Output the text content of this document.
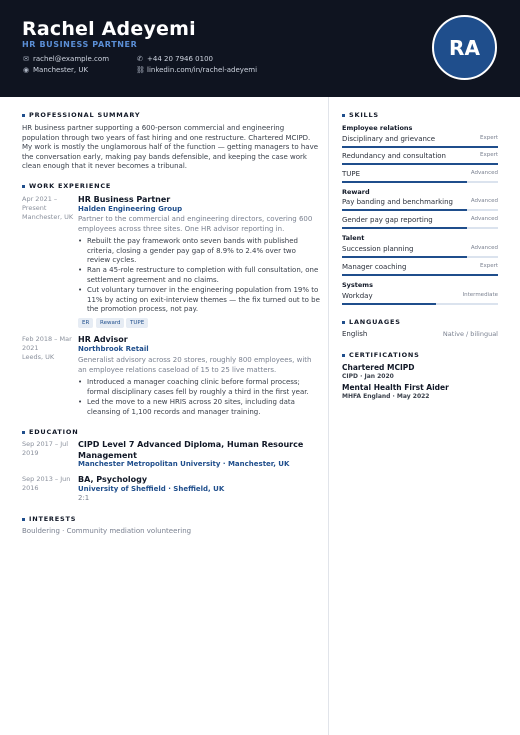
Rachel Adeyemi
HR BUSINESS PARTNER
✉ rachel@example.com	✆ +44 20 7946 0100
◉ Manchester, UK	⛓ linkedin.com/in/rachel-adeyemi
RA
PROFESSIONAL SUMMARY
HR business partner supporting a 600-person commercial and engineering
population through two years of fast hiring and one restructure. Chartered MCIPD.
My work is mostly the unglamorous half of the function — getting managers to have
the conversation early, making pay bands defensible, and keeping the case work
clean enough that it never becomes a tribunal.
WORK EXPERIENCE
Apr 2021 –
Present
Manchester, UK
HR Business Partner
Halden Engineering Group
Partner to the commercial and engineering directors, covering 600
employees across three sites. One HR advisor reporting in.
• Rebuilt the pay framework onto seven bands with published
criteria, closing a gender pay gap of 8.9% to 2.4% over two
review cycles.
• Ran a 45-role restructure to completion with full consultation, one
settlement agreement and no claims.
• Cut voluntary turnover in the engineering population from 19% to
11% by acting on exit-interview themes — the fix turned out to be
the promotion process, not pay.
ER	Reward	TUPE
Feb 2018 – Mar
2021
Leeds, UK
HR Advisor
Northbrook Retail
Generalist advisory across 20 stores, roughly 800 employees, with
an employee relations caseload of 15 to 25 live matters.
• Introduced a manager coaching clinic before formal process;
formal disciplinary cases fell by roughly a third in the first year.
• Led the move to a new HRIS across 20 sites, including data
cleansing of 1,100 records and manager training.
EDUCATION
Sep 2017 – Jul
2019
CIPD Level 7 Advanced Diploma, Human Resource
Management
Manchester Metropolitan University · Manchester, UK
Sep 2013 – Jun
2016
BA, Psychology
University of Sheffield · Sheffield, UK
2:1
INTERESTS
Bouldering · Community mediation volunteering
SKILLS
Employee relations
Disciplinary and grievance	Expert
Redundancy and consultation	Expert
TUPE	Advanced
Reward
Pay banding and benchmarking	Advanced
Gender pay gap reporting	Advanced
Talent
Succession planning	Advanced
Manager coaching	Expert
Systems
Workday	Intermediate
LANGUAGES
English	Native / bilingual
CERTIFICATIONS
Chartered MCIPD
CIPD · Jan 2020
Mental Health First Aider
MHFA England · May 2022
